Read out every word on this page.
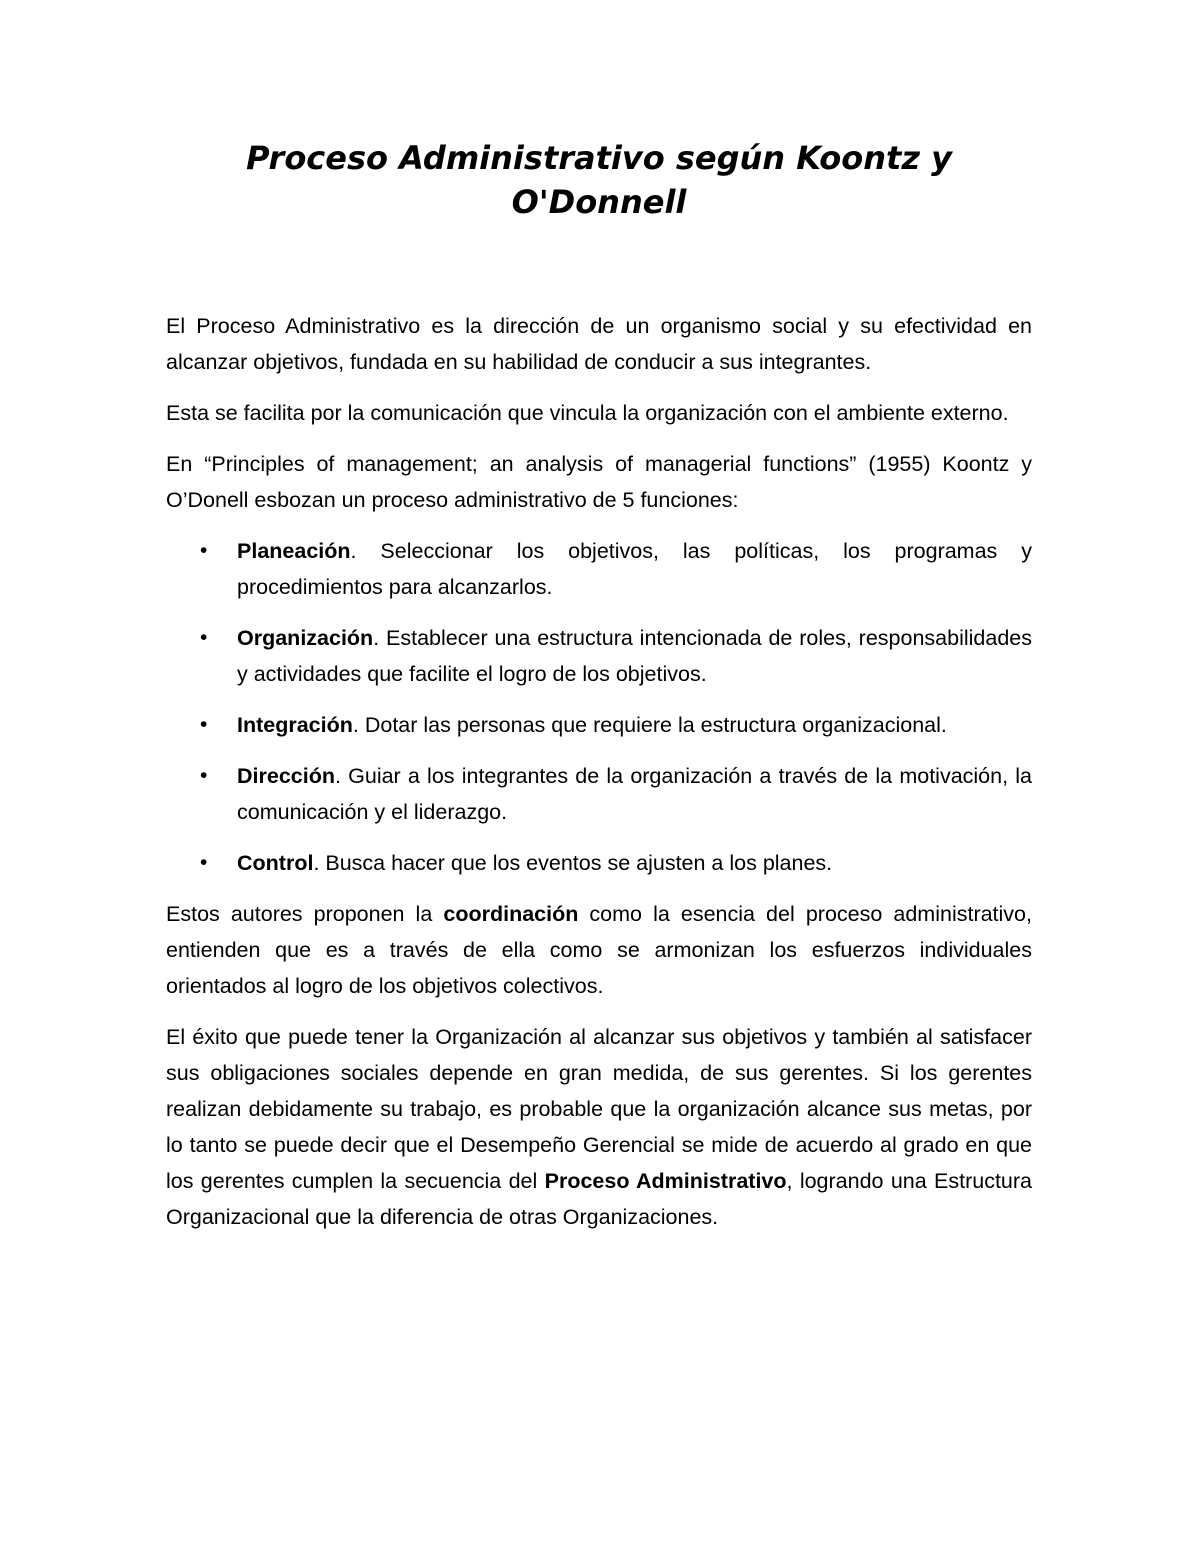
Proceso Administrativo según Koontz y
O'Donnell

El Proceso Administrativo es la dirección de un organismo social y su efectividad en alcanzar objetivos, fundada en su habilidad de conducir a sus integrantes.

Esta se facilita por la comunicación que vincula la organización con el ambiente externo.

En “Principles of management; an analysis of managerial functions” (1955) Koontz y O’Donell esbozan un proceso administrativo de 5 funciones:

• Planeación. Seleccionar los objetivos, las políticas, los programas y procedimientos para alcanzarlos.
• Organización. Establecer una estructura intencionada de roles, responsabilidades y actividades que facilite el logro de los objetivos.
• Integración. Dotar las personas que requiere la estructura organizacional.
• Dirección. Guiar a los integrantes de la organización a través de la motivación, la comunicación y el liderazgo.
• Control. Busca hacer que los eventos se ajusten a los planes.

Estos autores proponen la coordinación como la esencia del proceso administrativo, entienden que es a través de ella como se armonizan los esfuerzos individuales orientados al logro de los objetivos colectivos.

El éxito que puede tener la Organización al alcanzar sus objetivos y también al satisfacer sus obligaciones sociales depende en gran medida, de sus gerentes. Si los gerentes realizan debidamente su trabajo, es probable que la organización alcance sus metas, por lo tanto se puede decir que el Desempeño Gerencial se mide de acuerdo al grado en que los gerentes cumplen la secuencia del Proceso Administrativo, logrando una Estructura Organizacional que la diferencia de otras Organizaciones.
